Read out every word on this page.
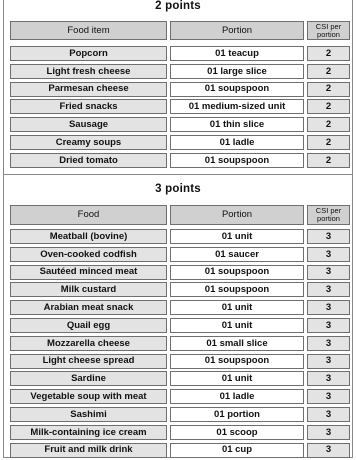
2 points
Food item	Portion	CSI per portion
Popcorn	01 teacup	2
Light fresh cheese	01 large slice	2
Parmesan cheese	01 soupspoon	2
Fried snacks	01 medium-sized unit	2
Sausage	01 thin slice	2
Creamy soups	01 ladle	2
Dried tomato	01 soupspoon	2
3 points
Food	Portion	CSI per portion
Meatball (bovine)	01 unit	3
Oven-cooked codfish	01 saucer	3
Sautéed minced meat	01 soupspoon	3
Milk custard	01 soupspoon	3
Arabian meat snack	01 unit	3
Quail egg	01 unit	3
Mozzarella cheese	01 small slice	3
Light cheese spread	01 soupspoon	3
Sardine	01 unit	3
Vegetable soup with meat	01 ladle	3
Sashimi	01 portion	3
Milk-containing ice cream	01 scoop	3
Fruit and milk drink	01 cup	3
